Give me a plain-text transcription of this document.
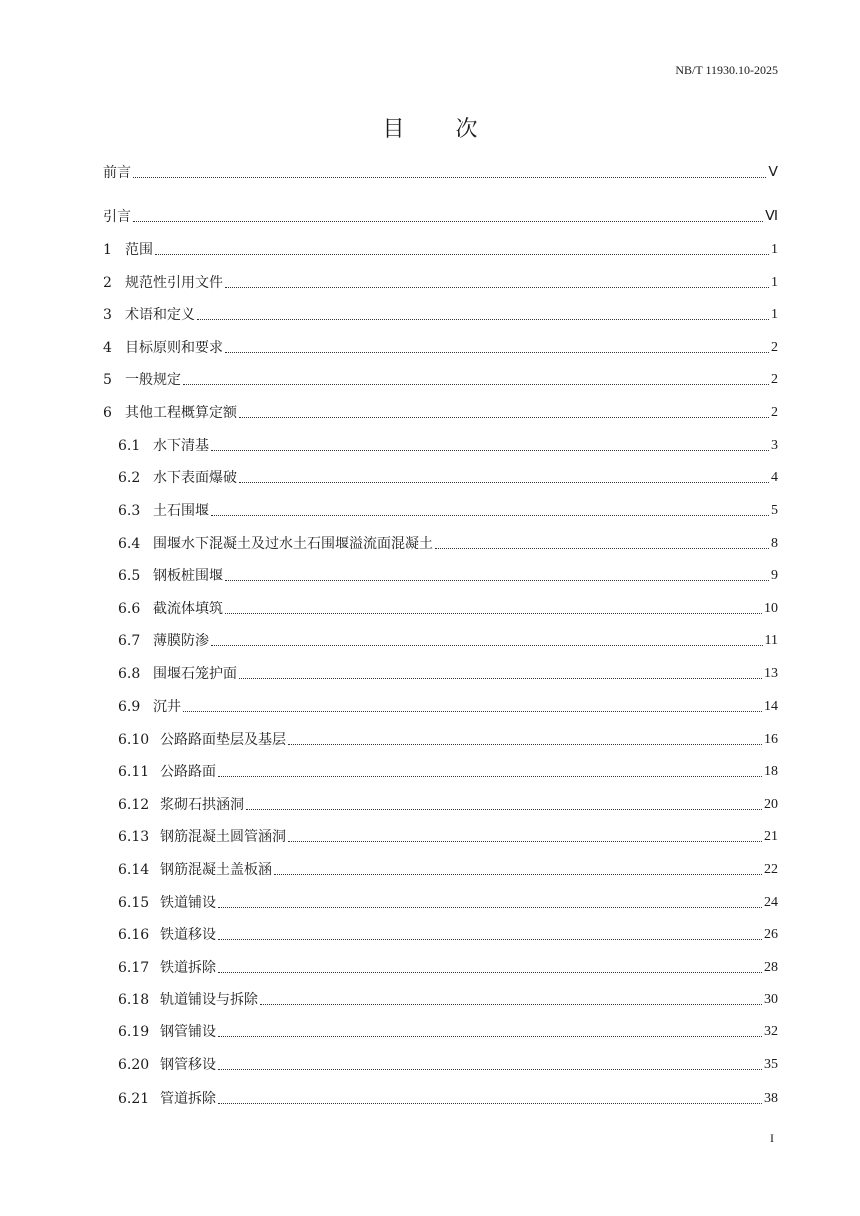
NB/T 11930.10-2025
目 次
前言	Ⅴ
引言	Ⅵ
1 范围	1
2 规范性引用文件	1
3 术语和定义	1
4 目标原则和要求	2
5 一般规定	2
6 其他工程概算定额	2
6.1 水下清基	3
6.2 水下表面爆破	4
6.3 土石围堰	5
6.4 围堰水下混凝土及过水土石围堰溢流面混凝土	8
6.5 钢板桩围堰	9
6.6 截流体填筑	10
6.7 薄膜防渗	11
6.8 围堰石笼护面	13
6.9 沉井	14
6.10 公路路面垫层及基层	16
6.11 公路路面	18
6.12 浆砌石拱涵洞	20
6.13 钢筋混凝土圆管涵洞	21
6.14 钢筋混凝土盖板涵	22
6.15 铁道铺设	24
6.16 铁道移设	26
6.17 铁道拆除	28
6.18 轨道铺设与拆除	30
6.19 钢管铺设	32
6.20 钢管移设	35
6.21 管道拆除	38
I
